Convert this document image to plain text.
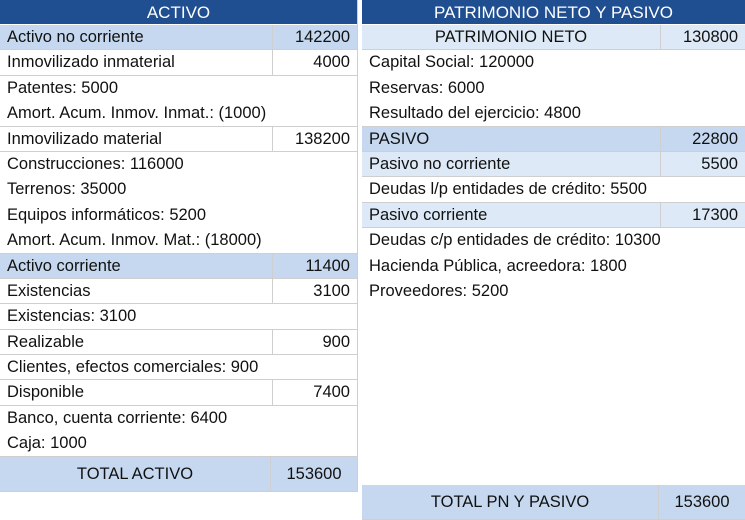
ACTIVO
Activo no corriente	142200
Inmovilizado inmaterial	4000
Patentes: 5000
Amort. Acum. Inmov. Inmat.: (1000)
Inmovilizado material	138200
Construcciones: 116000
Terrenos: 35000
Equipos informáticos: 5200
Amort. Acum. Inmov. Mat.: (18000)
Activo corriente	11400
Existencias	3100
Existencias: 3100
Realizable	900
Clientes, efectos comerciales: 900
Disponible	7400
Banco, cuenta corriente: 6400
Caja: 1000
TOTAL ACTIVO	153600
PATRIMONIO NETO Y PASIVO
PATRIMONIO NETO	130800
Capital Social: 120000
Reservas: 6000
Resultado del ejercicio: 4800
PASIVO	22800
Pasivo no corriente	5500
Deudas l/p entidades de crédito: 5500
Pasivo corriente	17300
Deudas c/p entidades de crédito: 10300
Hacienda Pública, acreedora: 1800
Proveedores: 5200
TOTAL PN Y PASIVO	153600
